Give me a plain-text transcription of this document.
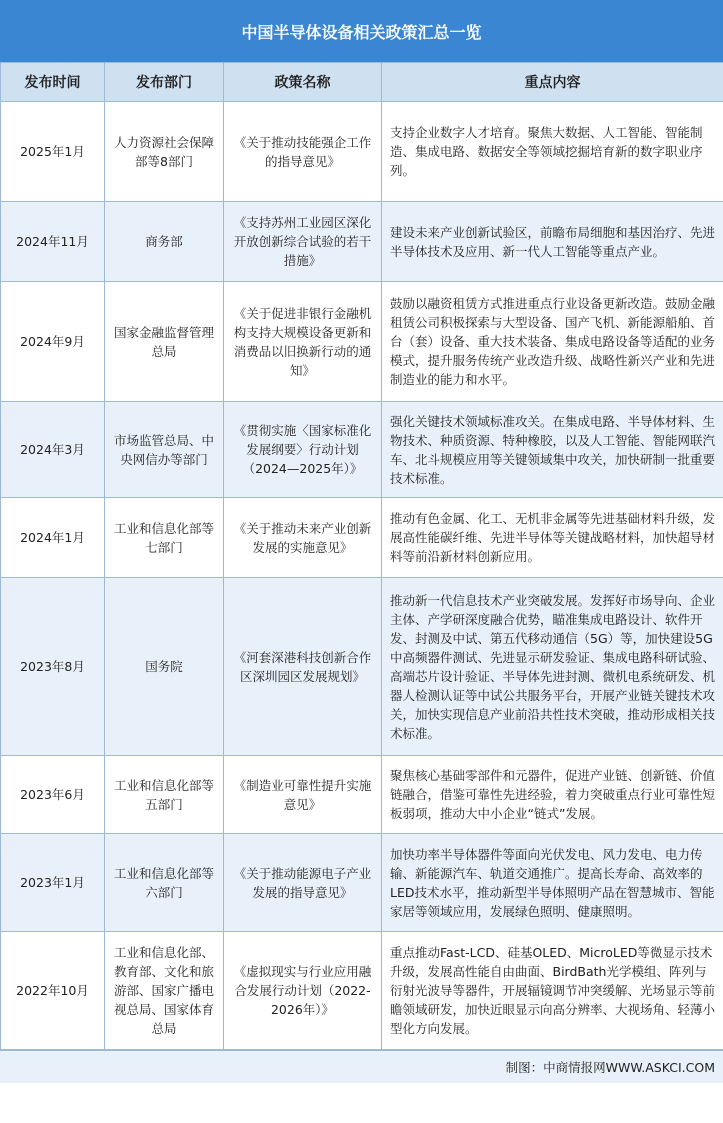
中国半导体设备相关政策汇总一览
发布时间	发布部门	政策名称	重点内容
2025年1月	人力资源社会保障部等8部门	《关于推动技能强企工作的指导意见》	支持企业数字人才培育。聚焦大数据、人工智能、智能制造、集成电路、数据安全等领域挖掘培育新的数字职业序列。
2024年11月	商务部	《支持苏州工业园区深化开放创新综合试验的若干措施》	建设未来产业创新试验区，前瞻布局细胞和基因治疗、先进半导体技术及应用、新一代人工智能等重点产业。
2024年9月	国家金融监督管理总局	《关于促进非银行金融机构支持大规模设备更新和消费品以旧换新行动的通知》	鼓励以融资租赁方式推进重点行业设备更新改造。鼓励金融租赁公司积极探索与大型设备、国产飞机、新能源船舶、首台（套）设备、重大技术装备、集成电路设备等适配的业务模式，提升服务传统产业改造升级、战略性新兴产业和先进制造业的能力和水平。
2024年3月	市场监管总局、中央网信办等部门	《贯彻实施〈国家标准化发展纲要〉行动计划（2024—2025年）》	强化关键技术领域标准攻关。在集成电路、半导体材料、生物技术、种质资源、特种橡胶，以及人工智能、智能网联汽车、北斗规模应用等关键领域集中攻关，加快研制一批重要技术标准。
2024年1月	工业和信息化部等七部门	《关于推动未来产业创新发展的实施意见》	推动有色金属、化工、无机非金属等先进基础材料升级，发展高性能碳纤维、先进半导体等关键战略材料，加快超导材料等前沿新材料创新应用。
2023年8月	国务院	《河套深港科技创新合作区深圳园区发展规划》	推动新一代信息技术产业突破发展。发挥好市场导向、企业主体、产学研深度融合优势，瞄准集成电路设计、软件开发、封测及中试、第五代移动通信（5G）等，加快建设5G中高频器件测试、先进显示研发验证、集成电路科研试验、高端芯片设计验证、半导体先进封测、微机电系统研发、机器人检测认证等中试公共服务平台，开展产业链关键技术攻关，加快实现信息产业前沿共性技术突破，推动形成相关技术标准。
2023年6月	工业和信息化部等五部门	《制造业可靠性提升实施意见》	聚焦核心基础零部件和元器件，促进产业链、创新链、价值链融合，借鉴可靠性先进经验，着力突破重点行业可靠性短板弱项，推动大中小企业“链式”发展。
2023年1月	工业和信息化部等六部门	《关于推动能源电子产业发展的指导意见》	加快功率半导体器件等面向光伏发电、风力发电、电力传输、新能源汽车、轨道交通推广。提高长寿命、高效率的LED技术水平，推动新型半导体照明产品在智慧城市、智能家居等领域应用，发展绿色照明、健康照明。
2022年10月	工业和信息化部、教育部、文化和旅游部、国家广播电视总局、国家体育总局	《虚拟现实与行业应用融合发展行动计划（2022-2026年）》	重点推动Fast-LCD、硅基OLED、MicroLED等微显示技术升级，发展高性能自由曲面、BirdBath光学模组、阵列与衍射光波导等器件，开展辐镜调节冲突缓解、光场显示等前瞻领域研发，加快近眼显示向高分辨率、大视场角、轻薄小型化方向发展。
制图：中商情报网WWW.ASKCI.COM
